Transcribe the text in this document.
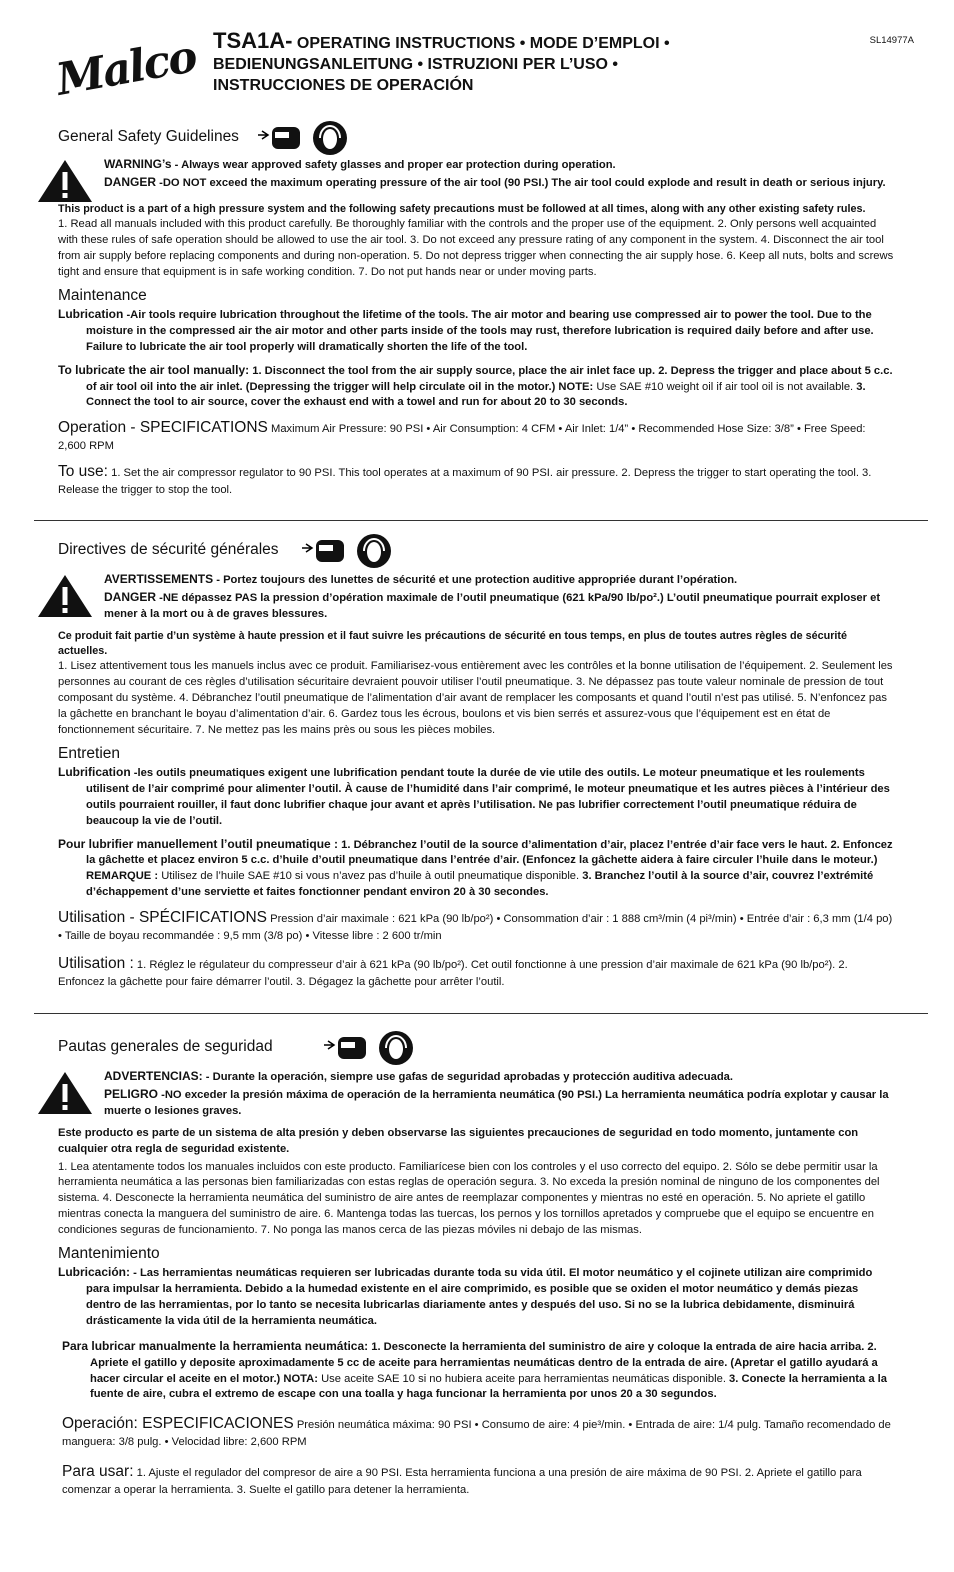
Malco TSA1A- OPERATING INSTRUCTIONS • MODE D’EMPLOI •
BEDIENUNGSANLEITUNG • ISTRUZIONI PER L’USO •
INSTRUCCIONES DE OPERACIÓN
SL14977A
General Safety Guidelines
WARNING’s - Always wear approved safety glasses and proper ear protection during operation.
DANGER -DO NOT exceed the maximum operating pressure of the air tool (90 PSI.) The air tool could explode and result in death or serious injury.

This product is a part of a high pressure system and the following safety precautions must be followed at all times, along with any other existing safety rules.

1. Read all manuals included with this product carefully. Be thoroughly familiar with the controls and the proper use of the equipment. 2. Only persons well acquainted with these rules of safe operation should be allowed to use the air tool. 3. Do not exceed any pressure rating of any component in the system. 4. Disconnect the air tool from air supply before replacing components and during non-operation. 5. Do not depress trigger when connecting the air supply hose. 6. Keep all nuts, bolts and screws tight and ensure that equipment is in safe working condition. 7. Do not put hands near or under moving parts.

Maintenance

Lubrication -Air tools require lubrication throughout the lifetime of the tools. The air motor and bearing use compressed air to power the tool. Due to the moisture in the compressed air the air motor and other parts inside of the tools may rust, therefore lubrication is required daily before and after use. Failure to lubricate the air tool properly will dramatically shorten the life of the tool.

To lubricate the air tool manually: 1. Disconnect the tool from the air supply source, place the air inlet face up. 2. Depress the trigger and place about 5 c.c. of air tool oil into the air inlet. (Depressing the trigger will help circulate oil in the motor.) NOTE: Use SAE #10 weight oil if air tool oil is not available. 3. Connect the tool to air source, cover the exhaust end with a towel and run for about 20 to 30 seconds.

Operation - SPECIFICATIONS Maximum Air Pressure: 90 PSI • Air Consumption: 4 CFM • Air Inlet: 1/4” • Recommended Hose Size: 3/8” • Free Speed: 2,600 RPM

To use: 1. Set the air compressor regulator to 90 PSI. This tool operates at a maximum of 90 PSI. air pressure. 2. Depress the trigger to start operating the tool. 3. Release the trigger to stop the tool.

Directives de sécurité générales
AVERTISSEMENTS - Portez toujours des lunettes de sécurité et une protection auditive appropriée durant l’opération.
DANGER -NE dépassez PAS la pression d’opération maximale de l’outil pneumatique (621 kPa/90 lb/po².) L’outil pneumatique pourrait exploser et mener à la mort ou à de graves blessures.

Ce produit fait partie d’un système à haute pression et il faut suivre les précautions de sécurité en tous temps, en plus de toutes autres règles de sécurité actuelles.

1. Lisez attentivement tous les manuels inclus avec ce produit. Familiarisez-vous entièrement avec les contrôles et la bonne utilisation de l’équipement. 2. Seulement les personnes au courant de ces règles d’utilisation sécuritaire devraient pouvoir utiliser l’outil pneumatique. 3. Ne dépassez pas toute valeur nominale de pression de tout composant du système. 4. Débranchez l’outil pneumatique de l’alimentation d’air avant de remplacer les composants et quand l’outil n’est pas utilisé. 5. N’enfoncez pas la gâchette en branchant le boyau d’alimentation d’air. 6. Gardez tous les écrous, boulons et vis bien serrés et assurez-vous que l’équipement est en état de fonctionnement sécuritaire. 7. Ne mettez pas les mains près ou sous les pièces mobiles.

Entretien

Lubrification -les outils pneumatiques exigent une lubrification pendant toute la durée de vie utile des outils. Le moteur pneumatique et les roulements utilisent de l’air comprimé pour alimenter l’outil. À cause de l’humidité dans l’air comprimé, le moteur pneumatique et les autres pièces à l’intérieur des outils pourraient rouiller, il faut donc lubrifier chaque jour avant et après l’utilisation. Ne pas lubrifier correctement l’outil pneumatique réduira de beaucoup la vie de l’outil.

Pour lubrifier manuellement l’outil pneumatique : 1. Débranchez l’outil de la source d’alimentation d’air, placez l’entrée d’air face vers le haut. 2. Enfoncez la gâchette et placez environ 5 c.c. d’huile d’outil pneumatique dans l’entrée d’air. (Enfoncez la gâchette aidera à faire circuler l’huile dans le moteur.) REMARQUE : Utilisez de l’huile SAE #10 si vous n’avez pas d’huile à outil pneumatique disponible. 3. Branchez l’outil à la source d’air, couvrez l’extrémité d’échappement d’une serviette et faites fonctionner pendant environ 20 à 30 secondes.

Utilisation - SPÉCIFICATIONS Pression d’air maximale : 621 kPa (90 lb/po²) • Consommation d’air : 1 888 cm³/min (4 pi³/min) • Entrée d’air : 6,3 mm (1/4 po) • Taille de boyau recommandée : 9,5 mm (3/8 po) • Vitesse libre : 2 600 tr/min

Utilisation : 1. Réglez le régulateur du compresseur d’air à 621 kPa (90 lb/po²). Cet outil fonctionne à une pression d’air maximale de 621 kPa (90 lb/po²). 2. Enfoncez la gâchette pour faire démarrer l’outil. 3. Dégagez la gâchette pour arrêter l’outil.

Pautas generales de seguridad
ADVERTENCIAS: - Durante la operación, siempre use gafas de seguridad aprobadas y protección auditiva adecuada.
PELIGRO -NO exceder la presión máxima de operación de la herramienta neumática (90 PSI.) La herramienta neumática podría explotar y causar la muerte o lesiones graves.

Este producto es parte de un sistema de alta presión y deben observarse las siguientes precauciones de seguridad en todo momento, juntamente con cualquier otra regla de seguridad existente.

1. Lea atentamente todos los manuales incluidos con este producto. Familiarícese bien con los controles y el uso correcto del equipo. 2. Sólo se debe permitir usar la herramienta neumática a las personas bien familiarizadas con estas reglas de operación segura. 3. No exceda la presión nominal de ninguno de los componentes del sistema. 4. Desconecte la herramienta neumática del suministro de aire antes de reemplazar componentes y mientras no esté en operación. 5. No apriete el gatillo mientras conecta la manguera del suministro de aire. 6. Mantenga todas las tuercas, los pernos y los tornillos apretados y compruebe que el equipo se encuentre en condiciones seguras de funcionamiento. 7. No ponga las manos cerca de las piezas móviles ni debajo de las mismas.

Mantenimiento

Lubricación: - Las herramientas neumáticas requieren ser lubricadas durante toda su vida útil. El motor neumático y el cojinete utilizan aire comprimido para impulsar la herramienta. Debido a la humedad existente en el aire comprimido, es posible que se oxiden el motor neumático y demás piezas dentro de las herramientas, por lo tanto se necesita lubricarlas diariamente antes y después del uso. Si no se la lubrica debidamente, disminuirá drásticamente la vida útil de la herramienta neumática.

Para lubricar manualmente la herramienta neumática: 1. Desconecte la herramienta del suministro de aire y coloque la entrada de aire hacia arriba. 2. Apriete el gatillo y deposite aproximadamente 5 cc de aceite para herramientas neumáticas dentro de la entrada de aire. (Apretar el gatillo ayudará a hacer circular el aceite en el motor.) NOTA: Use aceite SAE 10 si no hubiera aceite para herramientas neumáticas disponible. 3. Conecte la herramienta a la fuente de aire, cubra el extremo de escape con una toalla y haga funcionar la herramienta por unos 20 a 30 segundos.

Operación: ESPECIFICACIONES Presión neumática máxima: 90 PSI • Consumo de aire: 4 pie³/min. • Entrada de aire: 1/4 pulg. Tamaño recomendado de manguera: 3/8 pulg. • Velocidad libre: 2,600 RPM

Para usar: 1. Ajuste el regulador del compresor de aire a 90 PSI. Esta herramienta funciona a una presión de aire máxima de 90 PSI. 2. Apriete el gatillo para comenzar a operar la herramienta. 3. Suelte el gatillo para detener la herramienta.
